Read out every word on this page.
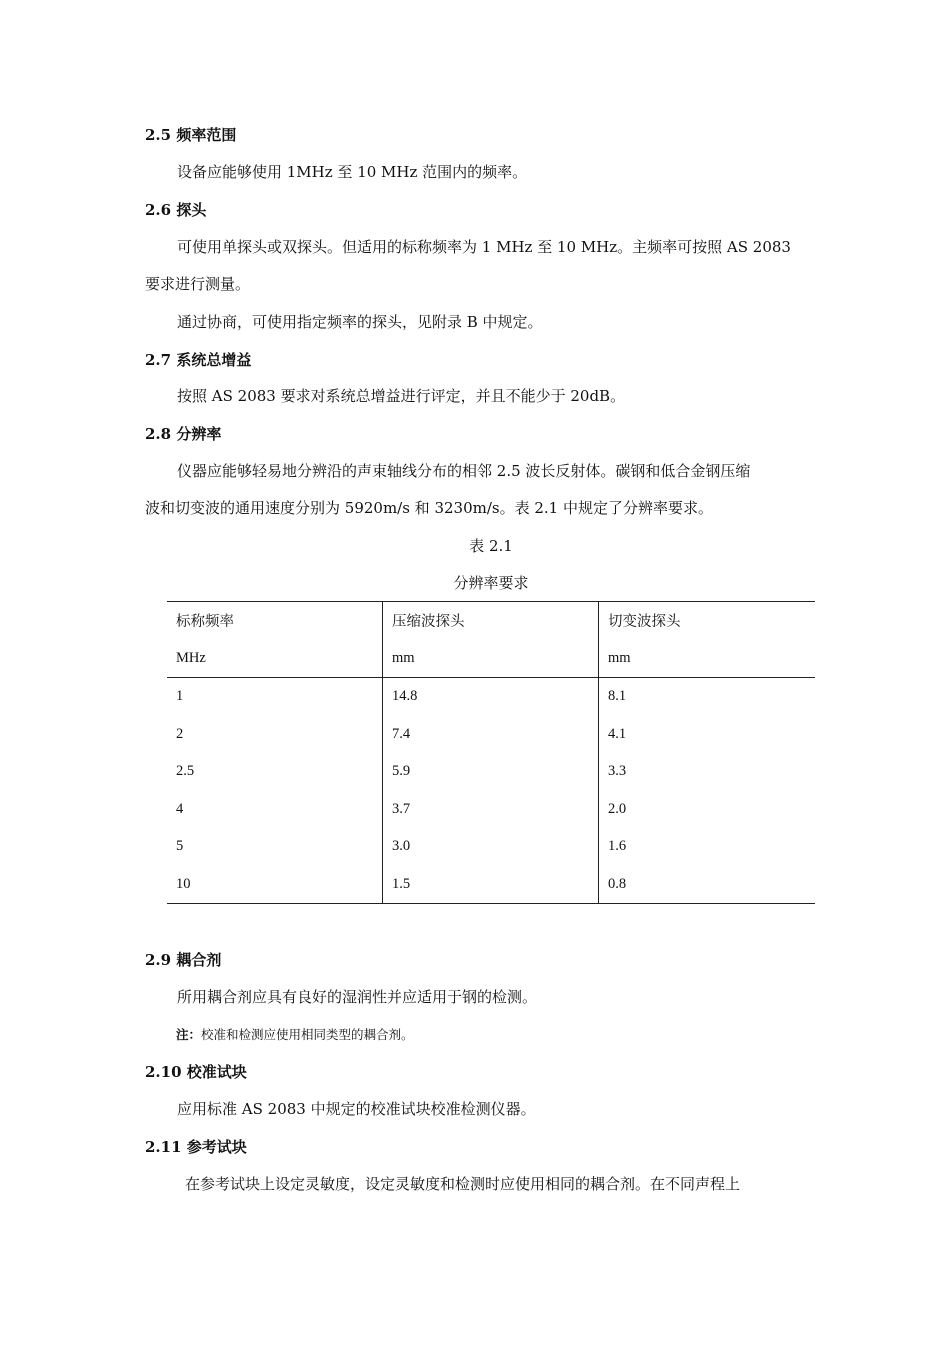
2.5 频率范围
设备应能够使用 1MHz 至 10 MHz 范围内的频率。
2.6 探头
可使用单探头或双探头。但适用的标称频率为 1 MHz 至 10 MHz。主频率可按照 AS 2083
要求进行测量。
通过协商，可使用指定频率的探头，见附录 B 中规定。
2.7 系统总增益
按照 AS 2083 要求对系统总增益进行评定，并且不能少于 20dB。
2.8 分辨率
仪器应能够轻易地分辨沿的声束轴线分布的相邻 2.5 波长反射体。碳钢和低合金钢压缩
波和切变波的通用速度分别为 5920m/s 和 3230m/s。表 2.1 中规定了分辨率要求。
表 2.1
分辨率要求
标称频率	压缩波探头	切变波探头
MHz	mm	mm
1	14.8	8.1
2	7.4	4.1
2.5	5.9	3.3
4	3.7	2.0
5	3.0	1.6
10	1.5	0.8
2.9 耦合剂
所用耦合剂应具有良好的湿润性并应适用于钢的检测。
注：校准和检测应使用相同类型的耦合剂。
2.10 校准试块
应用标准 AS 2083 中规定的校准试块校准检测仪器。
2.11 参考试块
在参考试块上设定灵敏度，设定灵敏度和检测时应使用相同的耦合剂。在不同声程上
